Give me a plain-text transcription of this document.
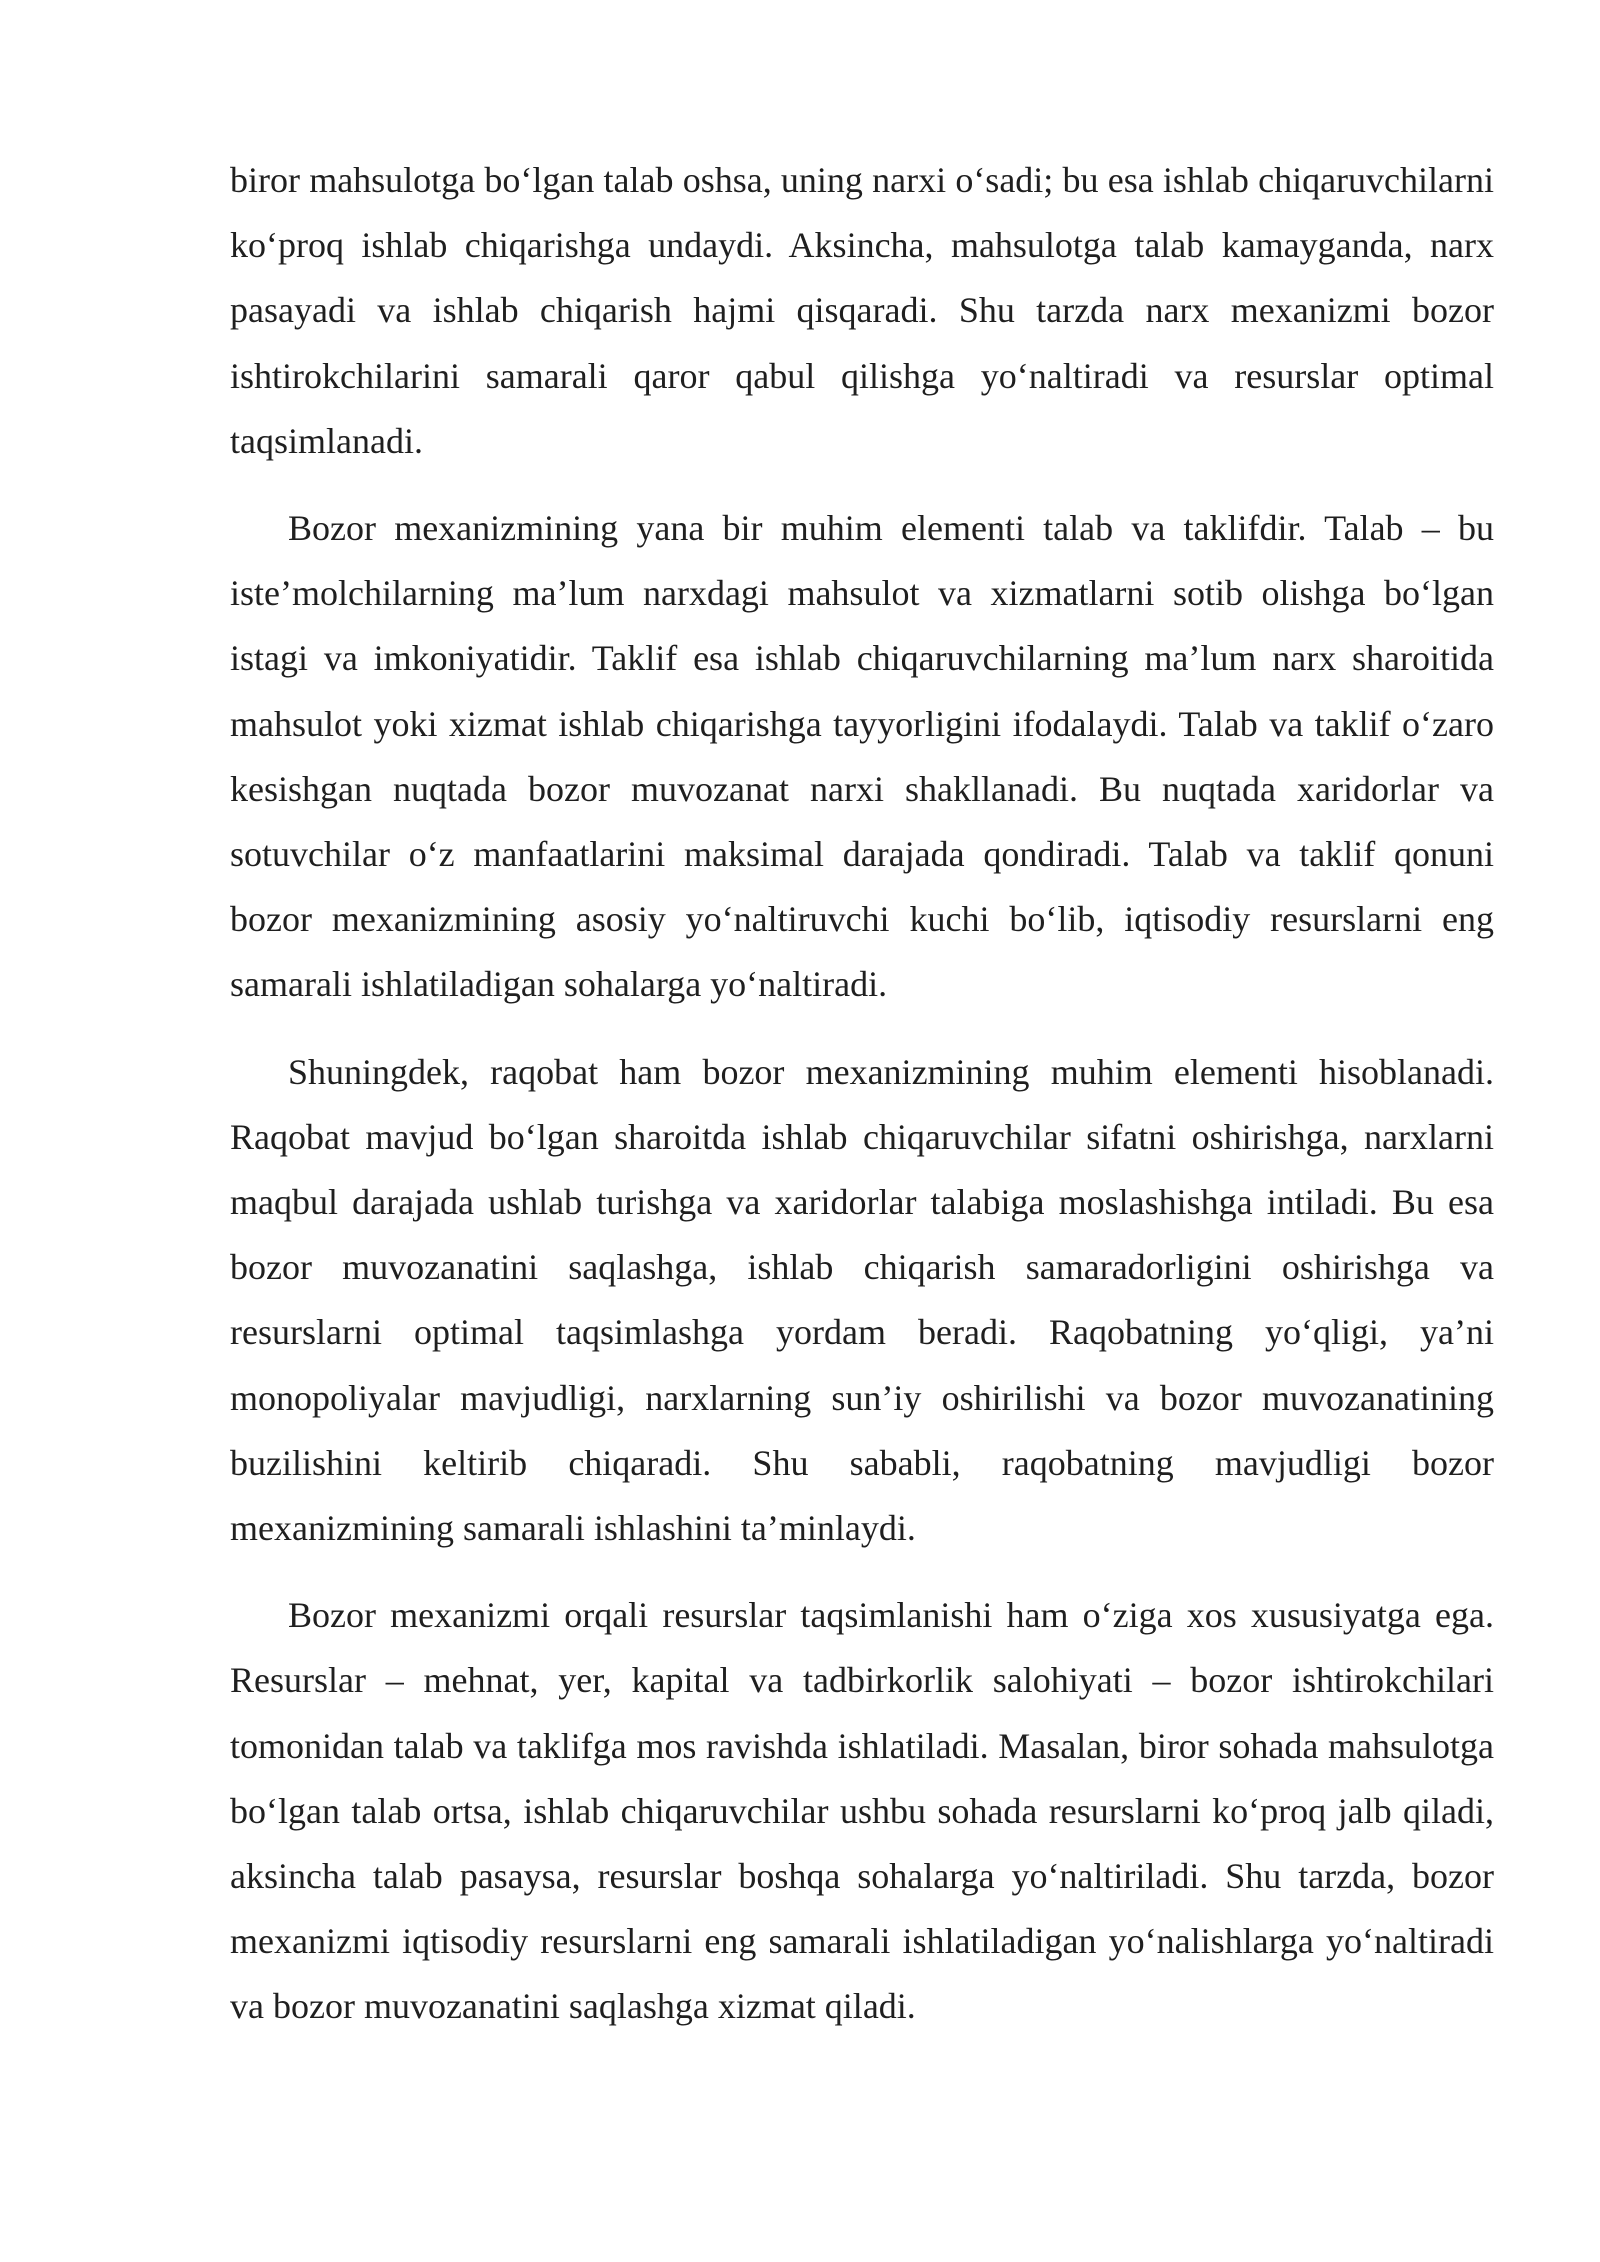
biror mahsulotga bo‘lgan talab oshsa, uning narxi o‘sadi; bu esa ishlab chiqaruvchilarni ko‘proq ishlab chiqarishga undaydi. Aksincha, mahsulotga talab kamayganda, narx pasayadi va ishlab chiqarish hajmi qisqaradi. Shu tarzda narx mexanizmi bozor ishtirokchilarini samarali qaror qabul qilishga yo‘naltiradi va resurslar optimal taqsimlanadi.

Bozor mexanizmining yana bir muhim elementi talab va taklifdir. Talab – bu iste’molchilarning ma’lum narxdagi mahsulot va xizmatlarni sotib olishga bo‘lgan istagi va imkoniyatidir. Taklif esa ishlab chiqaruvchilarning ma’lum narx sharoitida mahsulot yoki xizmat ishlab chiqarishga tayyorligini ifodalaydi. Talab va taklif o‘zaro kesishgan nuqtada bozor muvozanat narxi shakllanadi. Bu nuqtada xaridorlar va sotuvchilar o‘z manfaatlarini maksimal darajada qondiradi. Talab va taklif qonuni bozor mexanizmining asosiy yo‘naltiruvchi kuchi bo‘lib, iqtisodiy resurslarni eng samarali ishlatiladigan sohalarga yo‘naltiradi.

Shuningdek, raqobat ham bozor mexanizmining muhim elementi hisoblanadi. Raqobat mavjud bo‘lgan sharoitda ishlab chiqaruvchilar sifatni oshirishga, narxlarni maqbul darajada ushlab turishga va xaridorlar talabiga moslashishga intiladi. Bu esa bozor muvozanatini saqlashga, ishlab chiqarish samaradorligini oshirishga va resurslarni optimal taqsimlashga yordam beradi. Raqobatning yo‘qligi, ya’ni monopoliyalar mavjudligi, narxlarning sun’iy oshirilishi va bozor muvozanatining buzilishini keltirib chiqaradi. Shu sababli, raqobatning mavjudligi bozor mexanizmining samarali ishlashini ta’minlaydi.

Bozor mexanizmi orqali resurslar taqsimlanishi ham o‘ziga xos xususiyatga ega. Resurslar – mehnat, yer, kapital va tadbirkorlik salohiyati – bozor ishtirokchilari tomonidan talab va taklifga mos ravishda ishlatiladi. Masalan, biror sohada mahsulotga bo‘lgan talab ortsa, ishlab chiqaruvchilar ushbu sohada resurslarni ko‘proq jalb qiladi, aksincha talab pasaysa, resurslar boshqa sohalarga yo‘naltiriladi. Shu tarzda, bozor mexanizmi iqtisodiy resurslarni eng samarali ishlatiladigan yo‘nalishlarga yo‘naltiradi va bozor muvozanatini saqlashga xizmat qiladi.
